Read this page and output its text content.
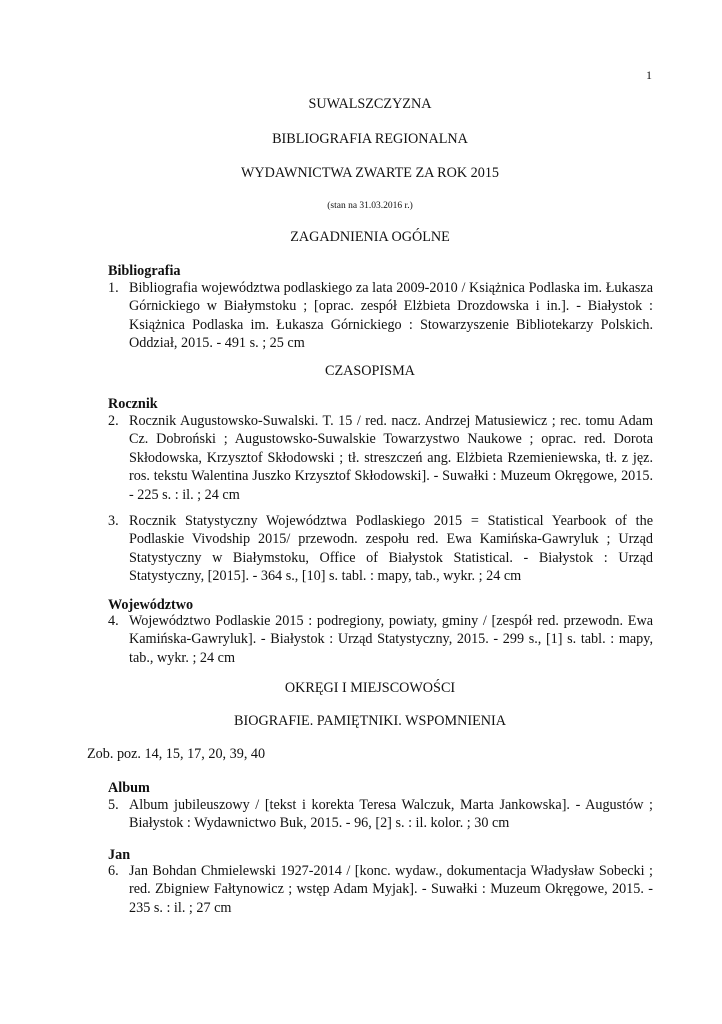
1
SUWALSZCZYZNA
BIBLIOGRAFIA REGIONALNA
WYDAWNICTWA ZWARTE ZA ROK 2015
(stan na 31.03.2016 r.)
ZAGADNIENIA OGÓLNE
Bibliografia
1. Bibliografia województwa podlaskiego za lata 2009-2010 / Książnica Podlaska im. Łukasza Górnickiego w Białymstoku ; [oprac. zespół Elżbieta Drozdowska i in.]. - Białystok : Książnica Podlaska im. Łukasza Górnickiego : Stowarzyszenie Bibliotekarzy Polskich. Oddział, 2015. - 491 s. ; 25 cm
CZASOPISMA
Rocznik
2. Rocznik Augustowsko-Suwalski. T. 15 / red. nacz. Andrzej Matusiewicz ; rec. tomu Adam Cz. Dobroński ; Augustowsko-Suwalskie Towarzystwo Naukowe ; oprac. red. Dorota Skłodowska, Krzysztof Skłodowski ; tł. streszczeń ang. Elżbieta Rzemieniewska, tł. z jęz. ros. tekstu Walentina Juszko Krzysztof Skłodowski]. - Suwałki : Muzeum Okręgowe, 2015. - 225 s. : il. ; 24 cm
3. Rocznik Statystyczny Województwa Podlaskiego 2015 = Statistical Yearbook of the Podlaskie Vivodship 2015/ przewodn. zespołu red. Ewa Kamińska-Gawryluk ; Urząd Statystyczny w Białymstoku, Office of Białystok Statistical. - Białystok : Urząd Statystyczny, [2015]. - 364 s., [10] s. tabl. : mapy, tab., wykr. ; 24 cm
Województwo
4. Województwo Podlaskie 2015 : podregiony, powiaty, gminy / [zespół red. przewodn. Ewa Kamińska-Gawryluk]. - Białystok : Urząd Statystyczny, 2015. - 299 s., [1] s. tabl. : mapy, tab., wykr. ; 24 cm
OKRĘGI I MIEJSCOWOŚCI
BIOGRAFIE. PAMIĘTNIKI. WSPOMNIENIA
Zob. poz. 14, 15, 17, 20, 39, 40
Album
5. Album jubileuszowy / [tekst i korekta Teresa Walczuk, Marta Jankowska]. - Augustów ; Białystok : Wydawnictwo Buk, 2015. - 96, [2] s. : il. kolor. ; 30 cm
Jan
6. Jan Bohdan Chmielewski 1927-2014 / [konc. wydaw., dokumentacja Władysław Sobecki ; red. Zbigniew Fałtynowicz ; wstęp Adam Myjak]. - Suwałki : Muzeum Okręgowe, 2015. - 235 s. : il. ; 27 cm
